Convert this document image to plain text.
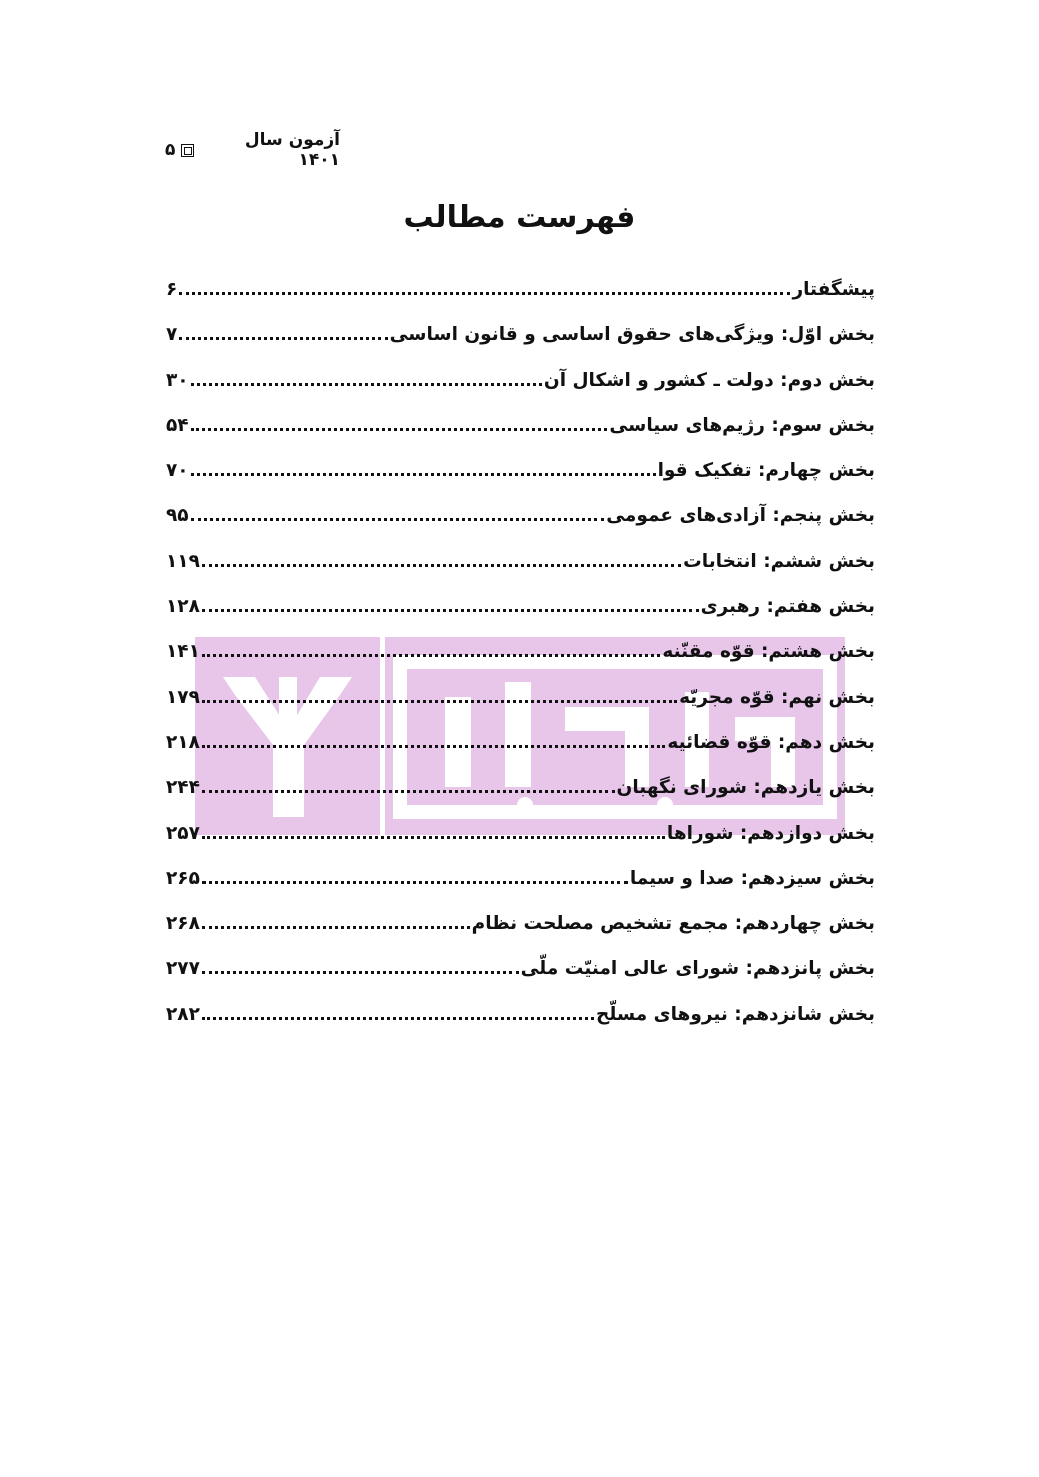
آزمون سال ۱۴۰۱
۵
فهرست مطالب
پیشگفتار
۶
بخش اوّل: ویژگی‌های حقوق اساسی و قانون اساسی
۷
بخش دوم: دولت ـ کشور و اشکال آن
۳۰
بخش سوم: رژیم‌های سیاسی
۵۴
بخش چهارم: تفکیک قوا
۷۰
بخش پنجم: آزادی‌های عمومی
۹۵
بخش ششم: انتخابات
۱۱۹
بخش هفتم: رهبری
۱۲۸
بخش هشتم: قوّه مقنّنه
۱۴۱
بخش نهم: قوّه مجریّه
۱۷۹
بخش دهم: قوّه قضائیه
۲۱۸
بخش یازدهم: شورای نگهبان
۲۴۴
بخش دوازدهم: شوراها
۲۵۷
بخش سیزدهم: صدا و سیما
۲۶۵
بخش چهاردهم: مجمع تشخیص مصلحت نظام
۲۶۸
بخش پانزدهم: شورای عالی امنیّت ملّی
۲۷۷
بخش شانزدهم: نیروهای مسلّح
۲۸۲
